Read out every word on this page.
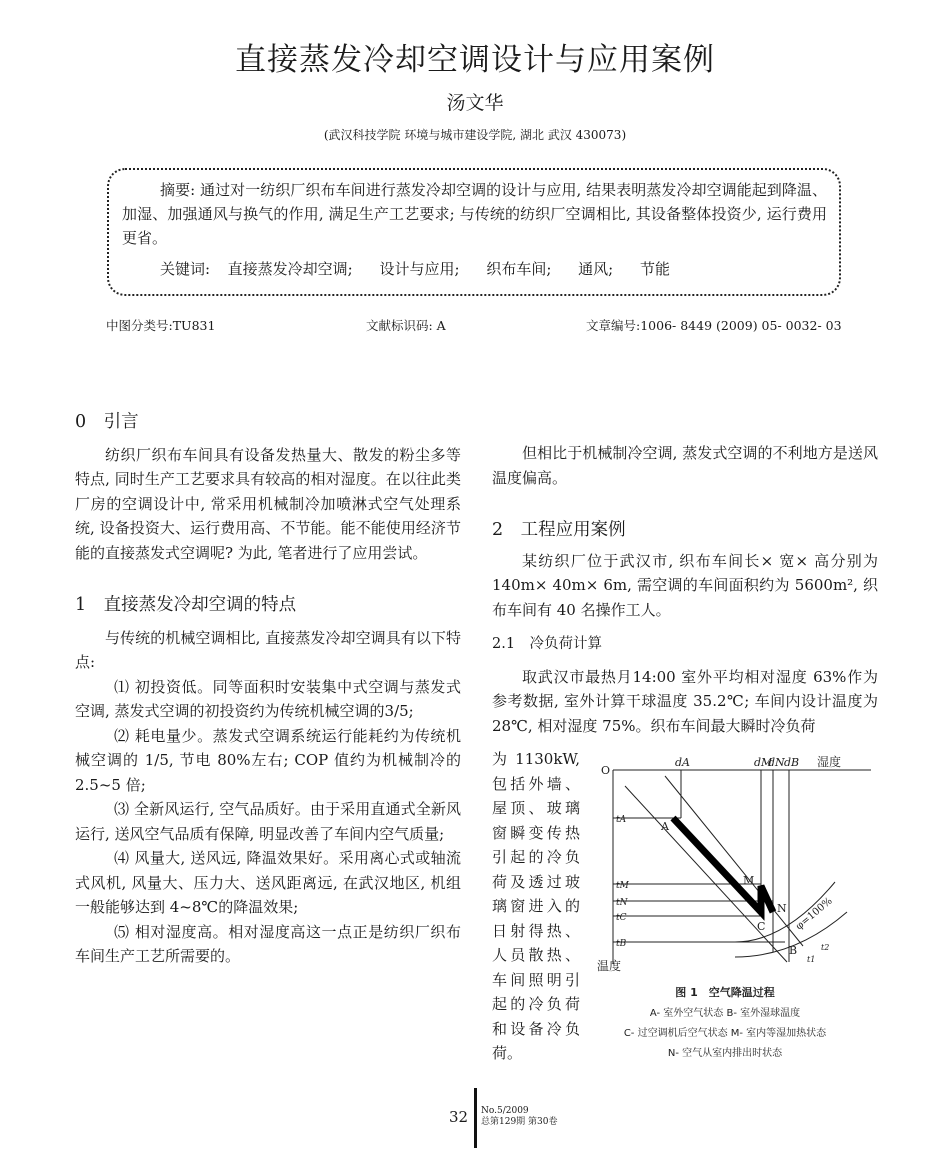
直接蒸发冷却空调设计与应用案例
汤文华
(武汉科技学院 环境与城市建设学院, 湖北 武汉 430073)
摘要: 通过对一纺织厂织布车间进行蒸发冷却空调的设计与应用, 结果表明蒸发冷却空调能起到降温、加湿、加强通风与换气的作用, 满足生产工艺要求; 与传统的纺织厂空调相比, 其设备整体投资少, 运行费用更省。
关键词: 直接蒸发冷却空调; 设计与应用; 织布车间; 通风; 节能
中图分类号:TU831	文献标识码: A	文章编号:1006- 8449 (2009) 05- 0032- 03
0　引言

纺织厂织布车间具有设备发热量大、散发的粉尘多等特点, 同时生产工艺要求具有较高的相对湿度。在以往此类厂房的空调设计中, 常采用机械制冷加喷淋式空气处理系统, 设备投资大、运行费用高、不节能。能不能使用经济节能的直接蒸发式空调呢? 为此, 笔者进行了应用尝试。

1　直接蒸发冷却空调的特点

与传统的机械空调相比, 直接蒸发冷却空调具有以下特点:

⑴ 初投资低。同等面积时安装集中式空调与蒸发式空调, 蒸发式空调的初投资约为传统机械空调的3/5;

⑵ 耗电量少。蒸发式空调系统运行能耗约为传统机械空调的 1/5, 节电 80%左右; COP 值约为机械制冷的 2.5~5 倍;

⑶ 全新风运行, 空气品质好。由于采用直通式全新风运行, 送风空气品质有保障, 明显改善了车间内空气质量;

⑷ 风量大, 送风远, 降温效果好。采用离心式或轴流式风机, 风量大、压力大、送风距离远, 在武汉地区, 机组一般能够达到 4~8℃的降温效果;

⑸ 相对湿度高。相对湿度高这一点正是纺织厂织布车间生产工艺所需要的。

但相比于机械制冷空调, 蒸发式空调的不利地方是送风温度偏高。

2　工程应用案例

某纺织厂位于武汉市, 织布车间长× 宽× 高分别为 140m× 40m× 6m, 需空调的车间面积约为 5600m², 织布车间有 40 名操作工人。

2.1　冷负荷计算

取武汉市最热月14:00 室外平均相对湿度 63%作为参考数据, 室外计算干球温度 35.2℃; 车间内设计温度为 28℃, 相对湿度 75%。织布车间最大瞬时冷负荷

为 1130kW, 包括外墙、屋顶、玻璃窗瞬变传热引起的冷负荷及透过玻璃窗进入的日射得热、人员散热、车间照明引起的冷负荷和设备冷负荷。
O
dA	dM
dN dB 湿度
温度
tA
tM
tN
tC
tB
A
M
N
C
B
φ=100%
t1
t2
图 1　空气降温过程
A- 室外空气状态 B- 室外湿球温度
C- 过空调机后空气状态 M- 室内等湿加热状态
N- 空气从室内排出时状态
32 No.5/2009
总第129期 第30卷
